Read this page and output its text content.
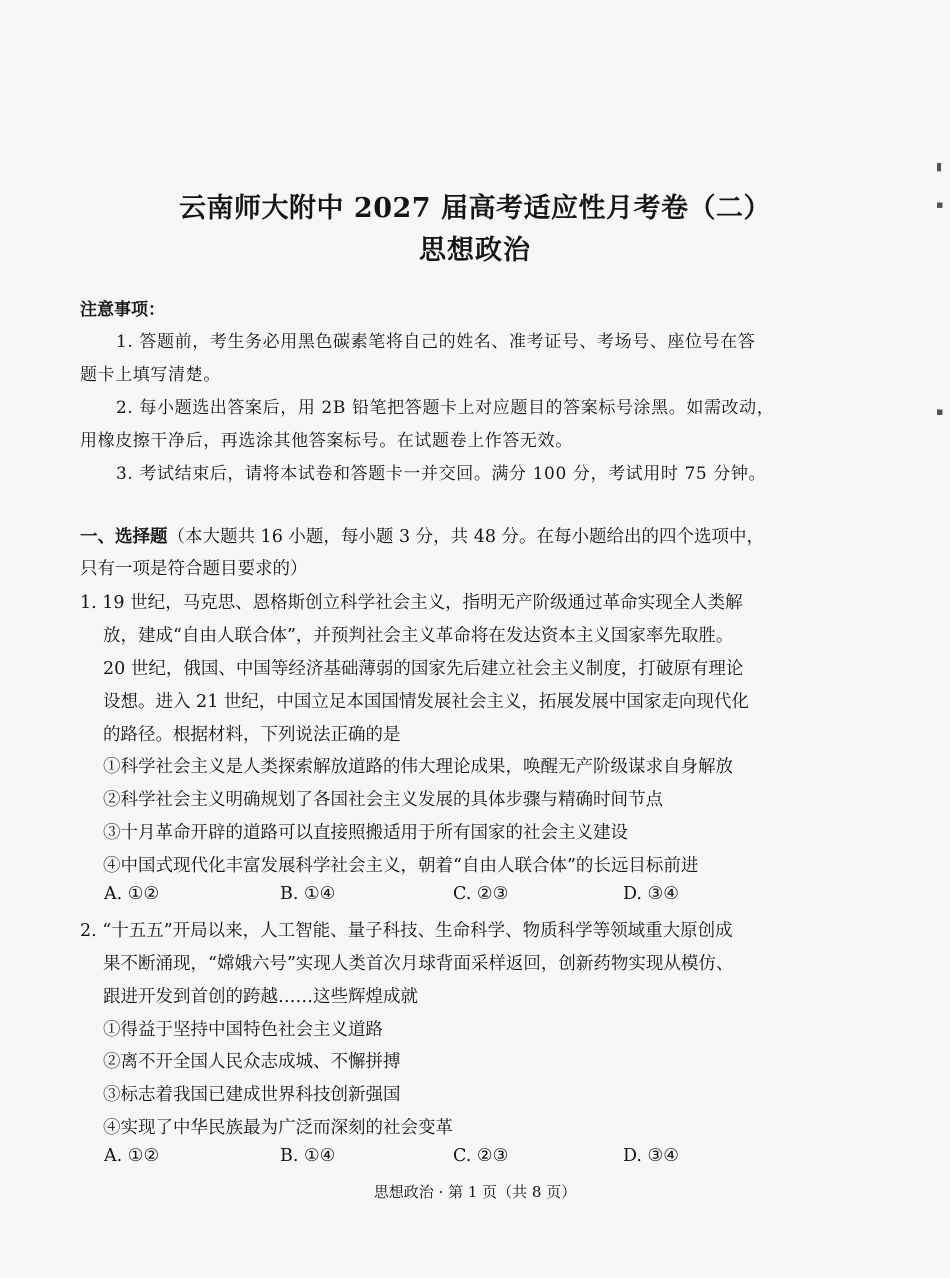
云南师大附中 2027 届高考适应性月考卷（二）
思想政治
注意事项：
1. 答题前，考生务必用黑色碳素笔将自己的姓名、准考证号、考场号、座位号在答
题卡上填写清楚。
2. 每小题选出答案后，用 2B 铅笔把答题卡上对应题目的答案标号涂黑。如需改动，
用橡皮擦干净后，再选涂其他答案标号。在试题卷上作答无效。
3. 考试结束后，请将本试卷和答题卡一并交回。满分 100 分，考试用时 75 分钟。
一、选择题（本大题共 16 小题，每小题 3 分，共 48 分。在每小题给出的四个选项中，
只有一项是符合题目要求的）
1. 19 世纪，马克思、恩格斯创立科学社会主义，指明无产阶级通过革命实现全人类解
放，建成“自由人联合体”，并预判社会主义革命将在发达资本主义国家率先取胜。
20 世纪，俄国、中国等经济基础薄弱的国家先后建立社会主义制度，打破原有理论
设想。进入 21 世纪，中国立足本国国情发展社会主义，拓展发展中国家走向现代化
的路径。根据材料，下列说法正确的是
①科学社会主义是人类探索解放道路的伟大理论成果，唤醒无产阶级谋求自身解放
②科学社会主义明确规划了各国社会主义发展的具体步骤与精确时间节点
③十月革命开辟的道路可以直接照搬适用于所有国家的社会主义建设
④中国式现代化丰富发展科学社会主义，朝着“自由人联合体”的长远目标前进
A. ①②	B. ①④	C. ②③	D. ③④
2. “十五五”开局以来，人工智能、量子科技、生命科学、物质科学等领域重大原创成
果不断涌现，“嫦娥六号”实现人类首次月球背面采样返回，创新药物实现从模仿、
跟进开发到首创的跨越……这些辉煌成就
①得益于坚持中国特色社会主义道路
②离不开全国人民众志成城、不懈拼搏
③标志着我国已建成世界科技创新强国
④实现了中华民族最为广泛而深刻的社会变革
A. ①②	B. ①④	C. ②③	D. ③④
思想政治 · 第 1 页（共 8 页）
▮
▪
▪
